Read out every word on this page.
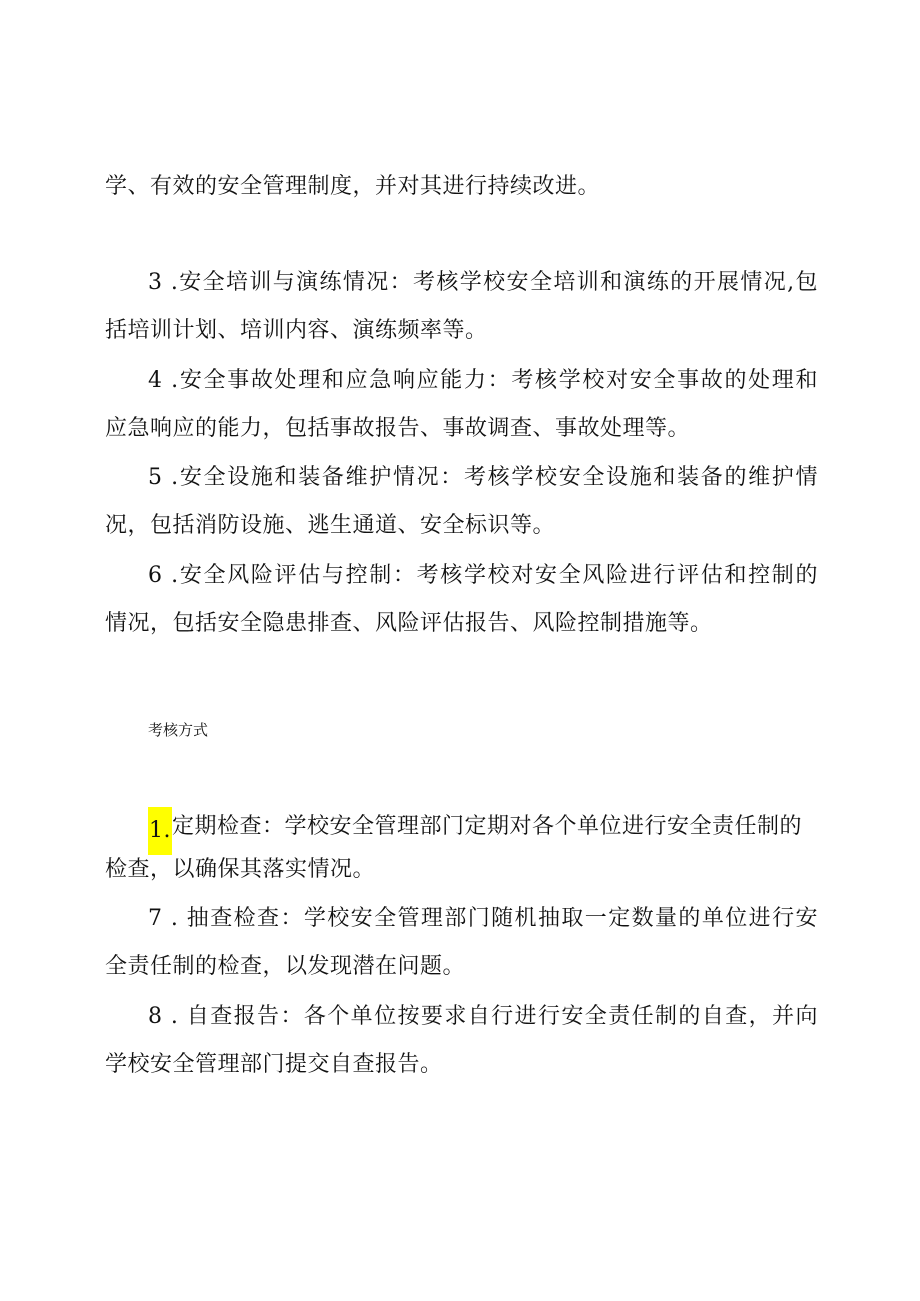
学、有效的安全管理制度，并对其进行持续改进。
3 .安全培训与演练情况：考核学校安全培训和演练的开展情况,包
括培训计划、培训内容、演练频率等。
4 .安全事故处理和应急响应能力：考核学校对安全事故的处理和
应急响应的能力，包括事故报告、事故调查、事故处理等。
5 .安全设施和装备维护情况：考核学校安全设施和装备的维护情
况，包括消防设施、逃生通道、安全标识等。
6 .安全风险评估与控制：考核学校对安全风险进行评估和控制的
情况，包括安全隐患排查、风险评估报告、风险控制措施等。
考核方式
1.定期检查：学校安全管理部门定期对各个单位进行安全责任制的
检查，以确保其落实情况。
7 . 抽查检查：学校安全管理部门随机抽取一定数量的单位进行安
全责任制的检查，以发现潜在问题。
8 . 自查报告：各个单位按要求自行进行安全责任制的自查，并向
学校安全管理部门提交自查报告。
